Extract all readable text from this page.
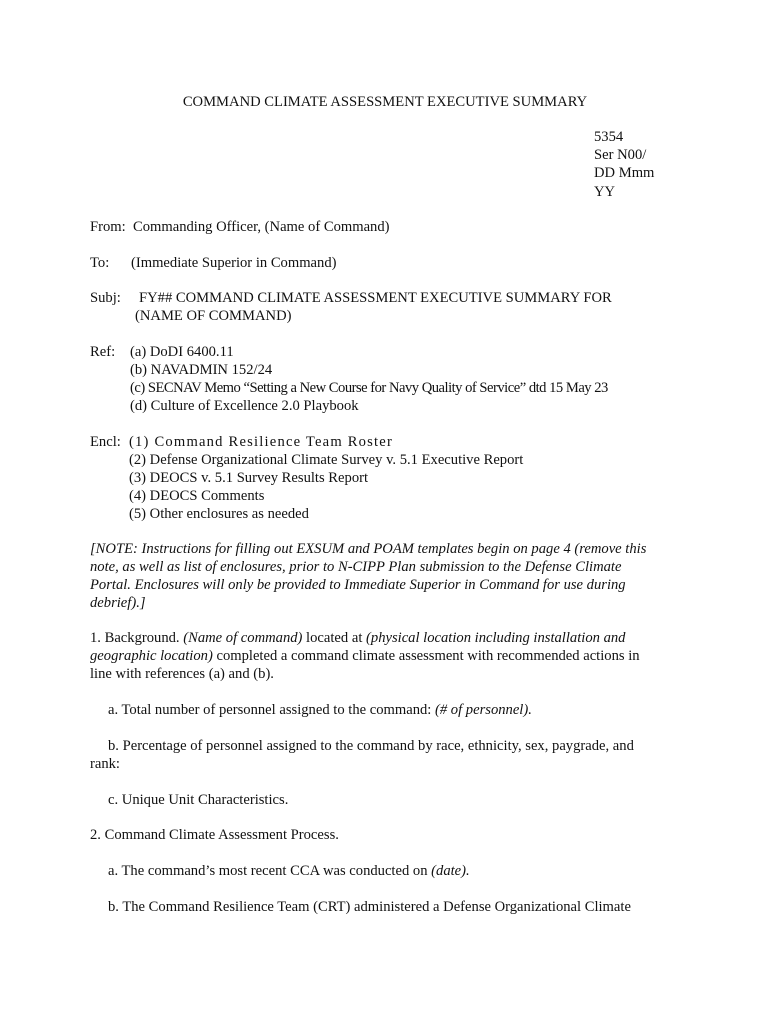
COMMAND CLIMATE ASSESSMENT EXECUTIVE SUMMARY
5354
Ser N00/
DD Mmm
YY
From: Commanding Officer, (Name of Command)
To: (Immediate Superior in Command)
Subj: FY## COMMAND CLIMATE ASSESSMENT EXECUTIVE SUMMARY FOR
(NAME OF COMMAND)
Ref: (a) DoDI 6400.11
(b) NAVADMIN 152/24
(c) SECNAV Memo “Setting a New Course for Navy Quality of Service” dtd 15 May 23
(d) Culture of Excellence 2.0 Playbook
Encl: (1) Command Resilience Team Roster
(2) Defense Organizational Climate Survey v. 5.1 Executive Report
(3) DEOCS v. 5.1 Survey Results Report
(4) DEOCS Comments
(5) Other enclosures as needed
[NOTE: Instructions for filling out EXSUM and POAM templates begin on page 4 (remove this
note, as well as list of enclosures, prior to N-CIPP Plan submission to the Defense Climate
Portal. Enclosures will only be provided to Immediate Superior in Command for use during
debrief).]
1. Background. (Name of command) located at (physical location including installation and
geographic location) completed a command climate assessment with recommended actions in
line with references (a) and (b).
a. Total number of personnel assigned to the command: (# of personnel).
b. Percentage of personnel assigned to the command by race, ethnicity, sex, paygrade, and
rank:
c. Unique Unit Characteristics.
2. Command Climate Assessment Process.
a. The command’s most recent CCA was conducted on (date).
b. The Command Resilience Team (CRT) administered a Defense Organizational Climate
